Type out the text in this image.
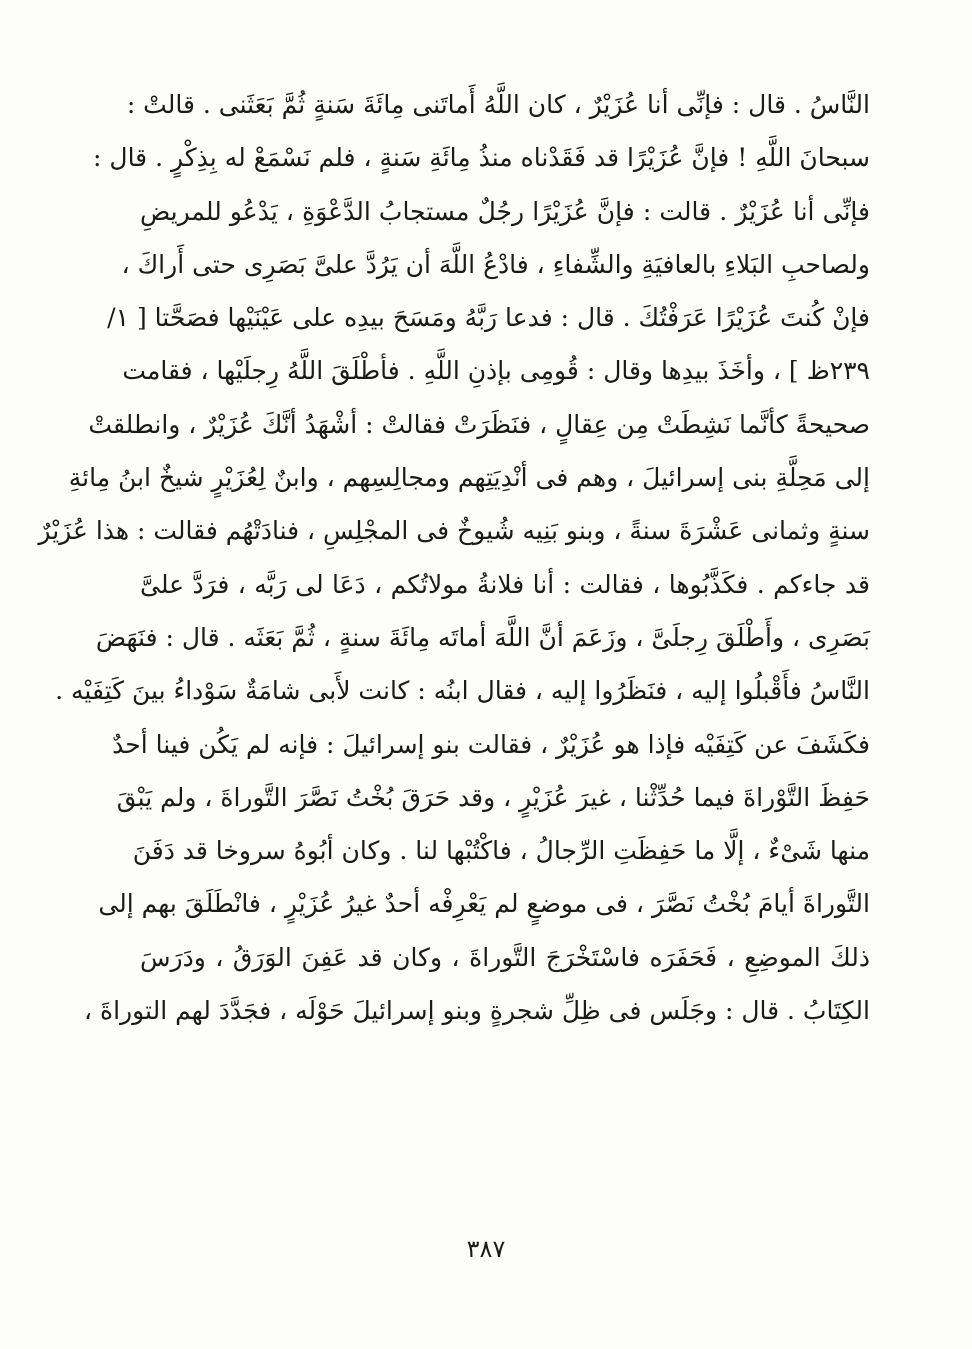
النَّاسُ . قال : فإنِّى أنا عُزَيْرٌ ، كان اللَّهُ أَماتَنى مِائَةَ سَنةٍ ثُمَّ بَعَثَنى . قالتْ :
سبحانَ اللَّهِ ! فإنَّ عُزَيْرًا قد فَقَدْناه منذُ مِائَةِ سَنةٍ ، فلم نَسْمَعْ له بِذِكْرٍ . قال :
فإنِّى أنا عُزَيْرٌ . قالت : فإنَّ عُزَيْرًا رجُلٌ مستجابُ الدَّعْوَةِ ، يَدْعُو للمريضِ
ولصاحبِ البَلاءِ بالعافيَةِ والشِّفاءِ ، فادْعُ اللَّهَ أن يَرُدَّ علىَّ بَصَرِى حتى أَراكَ ،
فإنْ كُنتَ عُزَيْرًا عَرَفْتُكَ . قال : فدعا رَبَّهُ ومَسَحَ بيدِه على عَيْنَيْها فصَحَّتا [ ١/
٢٣٩ظ ] ، وأخَذَ بيدِها وقال : قُومِى بإذنِ اللَّهِ . فأطْلَقَ اللَّهُ رِجلَيْها ، فقامت
صحيحةً كأنَّما نَشِطَتْ مِن عِقالٍ ، فنَظَرَتْ فقالتْ : أشْهَدُ أنَّكَ عُزَيْرٌ ، وانطلقتْ
إلى مَحِلَّةِ بنى إسرائيلَ ، وهم فى أنْدِيَتِهم ومجالِسِهم ، وابنٌ لِعُزَيْرٍ شيخٌ ابنُ مِائةِ
سنةٍ وثمانى عَشْرَةَ سنةً ، وبنو بَنِيه شُيوخٌ فى المجْلِسِ ، فنادَتْهُم فقالت : هذا عُزَيْرٌ
قد جاءكم . فكَذَّبُوها ، فقالت : أنا فلانةُ مولاتُكم ، دَعَا لى رَبَّه ، فرَدَّ علىَّ
بَصَرِى ، وأَطْلَقَ رِجلَىَّ ، وزَعَمَ أنَّ اللَّهَ أماتَه مِائَةَ سنةٍ ، ثُمَّ بَعَثَه . قال : فنَهَضَ
النَّاسُ فأَقْبلُوا إليه ، فنَظَرُوا إليه ، فقال ابنُه : كانت لأَبى شامَةٌ سَوْداءُ بينَ كَتِفَيْه .
فكَشَفَ عن كَتِفَيْه فإذا هو عُزَيْرٌ ، فقالت بنو إسرائيلَ : فإنه لم يَكُن فينا أحدٌ
حَفِظَ التَّوْراةَ فيما حُدِّثْنا ، غيرَ عُزَيْرٍ ، وقد حَرَقَ بُخْتُ نَصَّرَ التَّوراةَ ، ولم يَبْقَ
منها شَىْءٌ ، إلَّا ما حَفِظَتِ الرِّجالُ ، فاكْتُبْها لنا . وكان أبُوهُ سروخا قد دَفَنَ
التَّوراةَ أيامَ بُخْتُ نَصَّرَ ، فى موضعٍ لم يَعْرِفْه أحدٌ غيرُ عُزَيْرٍ ، فانْطَلَقَ بهم إلى
ذلكَ الموضِعِ ، فَحَفَرَه فاسْتَخْرَجَ التَّوراةَ ، وكان قد عَفِنَ الوَرَقُ ، ودَرَسَ
الكِتَابُ . قال : وجَلَس فى ظِلِّ شجرةٍ وبنو إسرائيلَ حَوْلَه ، فجَدَّدَ لهم التوراةَ ،
٣٨٧
